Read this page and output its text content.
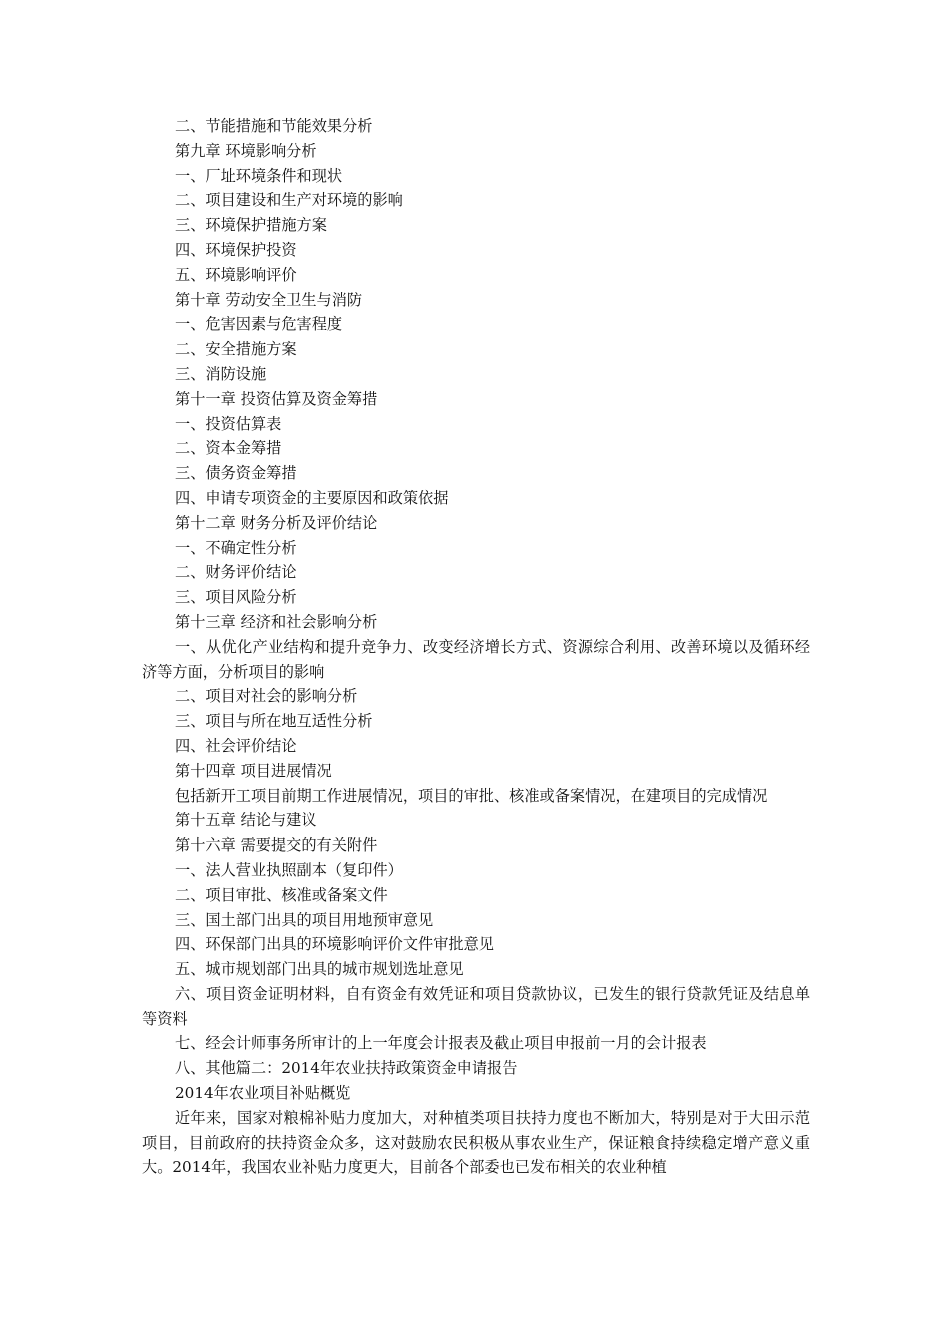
二、节能措施和节能效果分析

第九章 环境影响分析

一、厂址环境条件和现状

二、项目建设和生产对环境的影响

三、环境保护措施方案

四、环境保护投资

五、环境影响评价

第十章 劳动安全卫生与消防

一、危害因素与危害程度

二、安全措施方案

三、消防设施

第十一章 投资估算及资金筹措

一、投资估算表

二、资本金筹措

三、债务资金筹措

四、申请专项资金的主要原因和政策依据

第十二章 财务分析及评价结论

一、不确定性分析

二、财务评价结论

三、项目风险分析

第十三章 经济和社会影响分析

一、从优化产业结构和提升竞争力、改变经济增长方式、资源综合利用、改善环境以及循环经济等方面，分析项目的影响

二、项目对社会的影响分析

三、项目与所在地互适性分析

四、社会评价结论

第十四章 项目进展情况

包括新开工项目前期工作进展情况，项目的审批、核准或备案情况，在建项目的完成情况

第十五章 结论与建议

第十六章 需要提交的有关附件

一、法人营业执照副本（复印件）

二、项目审批、核准或备案文件

三、国土部门出具的项目用地预审意见

四、环保部门出具的环境影响评价文件审批意见

五、城市规划部门出具的城市规划选址意见

六、项目资金证明材料，自有资金有效凭证和项目贷款协议，已发生的银行贷款凭证及结息单等资料

七、经会计师事务所审计的上一年度会计报表及截止项目申报前一月的会计报表

八、其他篇二：2014年农业扶持政策资金申请报告

2014年农业项目补贴概览

近年来，国家对粮棉补贴力度加大，对种植类项目扶持力度也不断加大，特别是对于大田示范项目，目前政府的扶持资金众多，这对鼓励农民积极从事农业生产，保证粮食持续稳定增产意义重大。2014年，我国农业补贴力度更大，目前各个部委也已发布相关的农业种植
